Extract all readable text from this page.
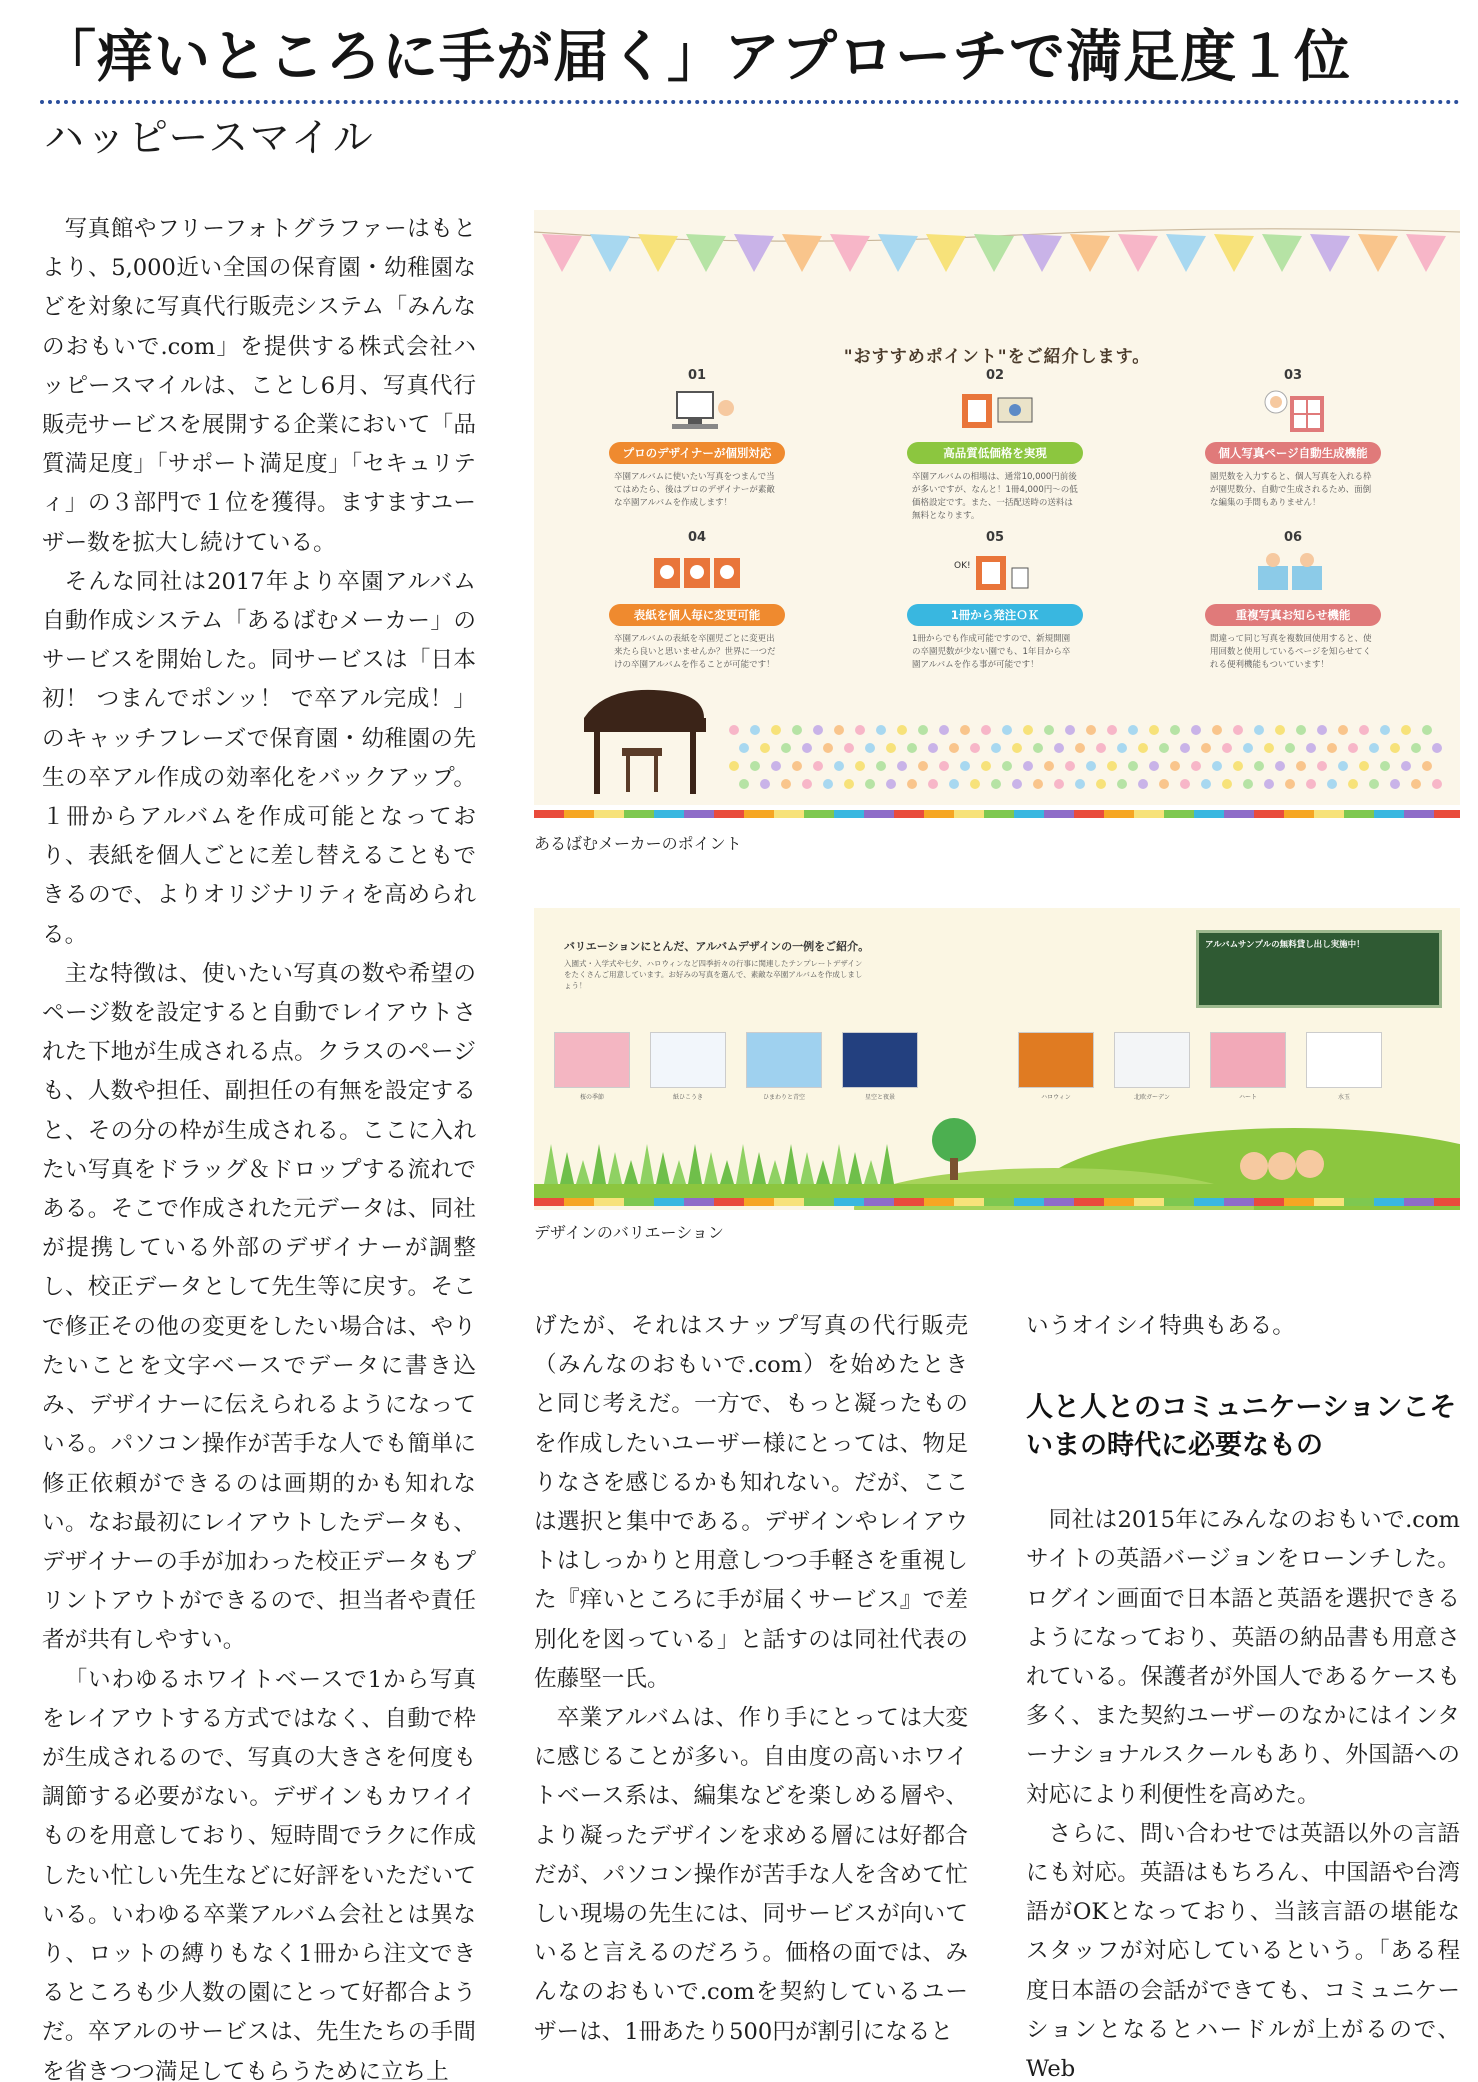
「痒いところに手が届く」アプローチで満足度１位
ハッピースマイル

写真館やフリーフォトグラファーはもとより、5,000近い全国の保育園・幼稚園などを対象に写真代行販売システム「みんなのおもいで.com」を提供する株式会社ハッピースマイルは、ことし6月、写真代行販売サービスを展開する企業において「品質満足度」「サポート満足度」「セキュリティ」の３部門で１位を獲得。ますますユーザー数を拡大し続けている。

そんな同社は2017年より卒園アルバム自動作成システム「あるばむメーカー」のサービスを開始した。同サービスは「日本初！ つまんでポンッ！ で卒アル完成！」のキャッチフレーズで保育園・幼稚園の先生の卒アル作成の効率化をバックアップ。１冊からアルバムを作成可能となっており、表紙を個人ごとに差し替えることもできるので、よりオリジナリティを高められる。

主な特徴は、使いたい写真の数や希望のページ数を設定すると自動でレイアウトされた下地が生成される点。クラスのページも、人数や担任、副担任の有無を設定すると、その分の枠が生成される。ここに入れたい写真をドラッグ＆ドロップする流れである。そこで作成された元データは、同社が提携している外部のデザイナーが調整し、校正データとして先生等に戻す。そこで修正その他の変更をしたい場合は、やりたいことを文字ベースでデータに書き込み、デザイナーに伝えられるようになっている。パソコン操作が苦手な人でも簡単に修正依頼ができるのは画期的かも知れない。なお最初にレイアウトしたデータも、デザイナーの手が加わった校正データもプリントアウトができるので、担当者や責任者が共有しやすい。

「いわゆるホワイトベースで1から写真をレイアウトする方式ではなく、自動で枠が生成されるので、写真の大きさを何度も調節する必要がない。デザインもカワイイものを用意しており、短時間でラクに作成したい忙しい先生などに好評をいただいている。いわゆる卒業アルバム会社とは異なり、ロットの縛りもなく1冊から注文できるところも少人数の園にとって好都合ようだ。卒アルのサービスは、先生たちの手間を省きつつ満足してもらうために立ち上

"おすすめポイント"をご紹介します。
01
プロのデザイナーが個別対応
卒園アルバムに使いたい写真をつまんで当てはめたら、後はプロのデザイナーが素敵な卒園アルバムを作成します！
02
高品質低価格を実現
卒園アルバムの相場は、通常10,000円前後が多いですが、なんと！1冊4,000円〜の低価格設定です。また、一括配送時の送料は無料となります。
03
個人写真ページ自動生成機能
園児数を入力すると、個人写真を入れる枠が園児数分、自動で生成されるため、面倒な編集の手間もありません！
04
表紙を個人毎に変更可能
卒園アルバムの表紙を卒園児ごとに変更出来たら良いと思いませんか？世界に一つだけの卒園アルバムを作ることが可能です！
05
OK!
1冊から発注ＯＫ
1冊からでも作成可能ですので、新規開園の卒園児数が少ない園でも、1年目から卒園アルバムを作る事が可能です！
06
重複写真お知らせ機能
間違って同じ写真を複数回使用すると、使用回数と使用しているページを知らせてくれる便利機能もついています！
あるばむメーカーのポイント
バリエーションにとんだ、アルバムデザインの一例をご紹介。
入園式・入学式や七夕、ハロウィンなど四季折々の行事に関連したテンプレートデザインをたくさんご用意しています。お好みの写真を選んで、素敵な卒園アルバムを作成しましょう！
アルバムサンプルの無料貸し出し実施中！
桜の季節	紙ひこうき	ひまわりと青空	星空と夜景	ハロウィン	北欧ガーデン	ハート	水玉
デザインのバリエーション

げたが、それはスナップ写真の代行販売（みんなのおもいで.com）を始めたときと同じ考えだ。一方で、もっと凝ったものを作成したいユーザー様にとっては、物足りなさを感じるかも知れない。だが、ここは選択と集中である。デザインやレイアウトはしっかりと用意しつつ手軽さを重視した『痒いところに手が届くサービス』で差別化を図っている」と話すのは同社代表の佐藤堅一氏。

卒業アルバムは、作り手にとっては大変に感じることが多い。自由度の高いホワイトベース系は、編集などを楽しめる層や、より凝ったデザインを求める層には好都合だが、パソコン操作が苦手な人を含めて忙しい現場の先生には、同サービスが向いていると言えるのだろう。価格の面では、みんなのおもいで.comを契約しているユーザーは、1冊あたり500円が割引になると

いうオイシイ特典もある。

人と人とのコミュニケーションこそいまの時代に必要なもの

同社は2015年にみんなのおもいで.comサイトの英語バージョンをローンチした。ログイン画面で日本語と英語を選択できるようになっており、英語の納品書も用意されている。保護者が外国人であるケースも多く、また契約ユーザーのなかにはインターナショナルスクールもあり、外国語への対応により利便性を高めた。

さらに、問い合わせでは英語以外の言語にも対応。英語はもちろん、中国語や台湾語がOKとなっており、当該言語の堪能なスタッフが対応しているという。「ある程度日本語の会話ができても、コミュニケーションとなるとハードルが上がるので、Web
